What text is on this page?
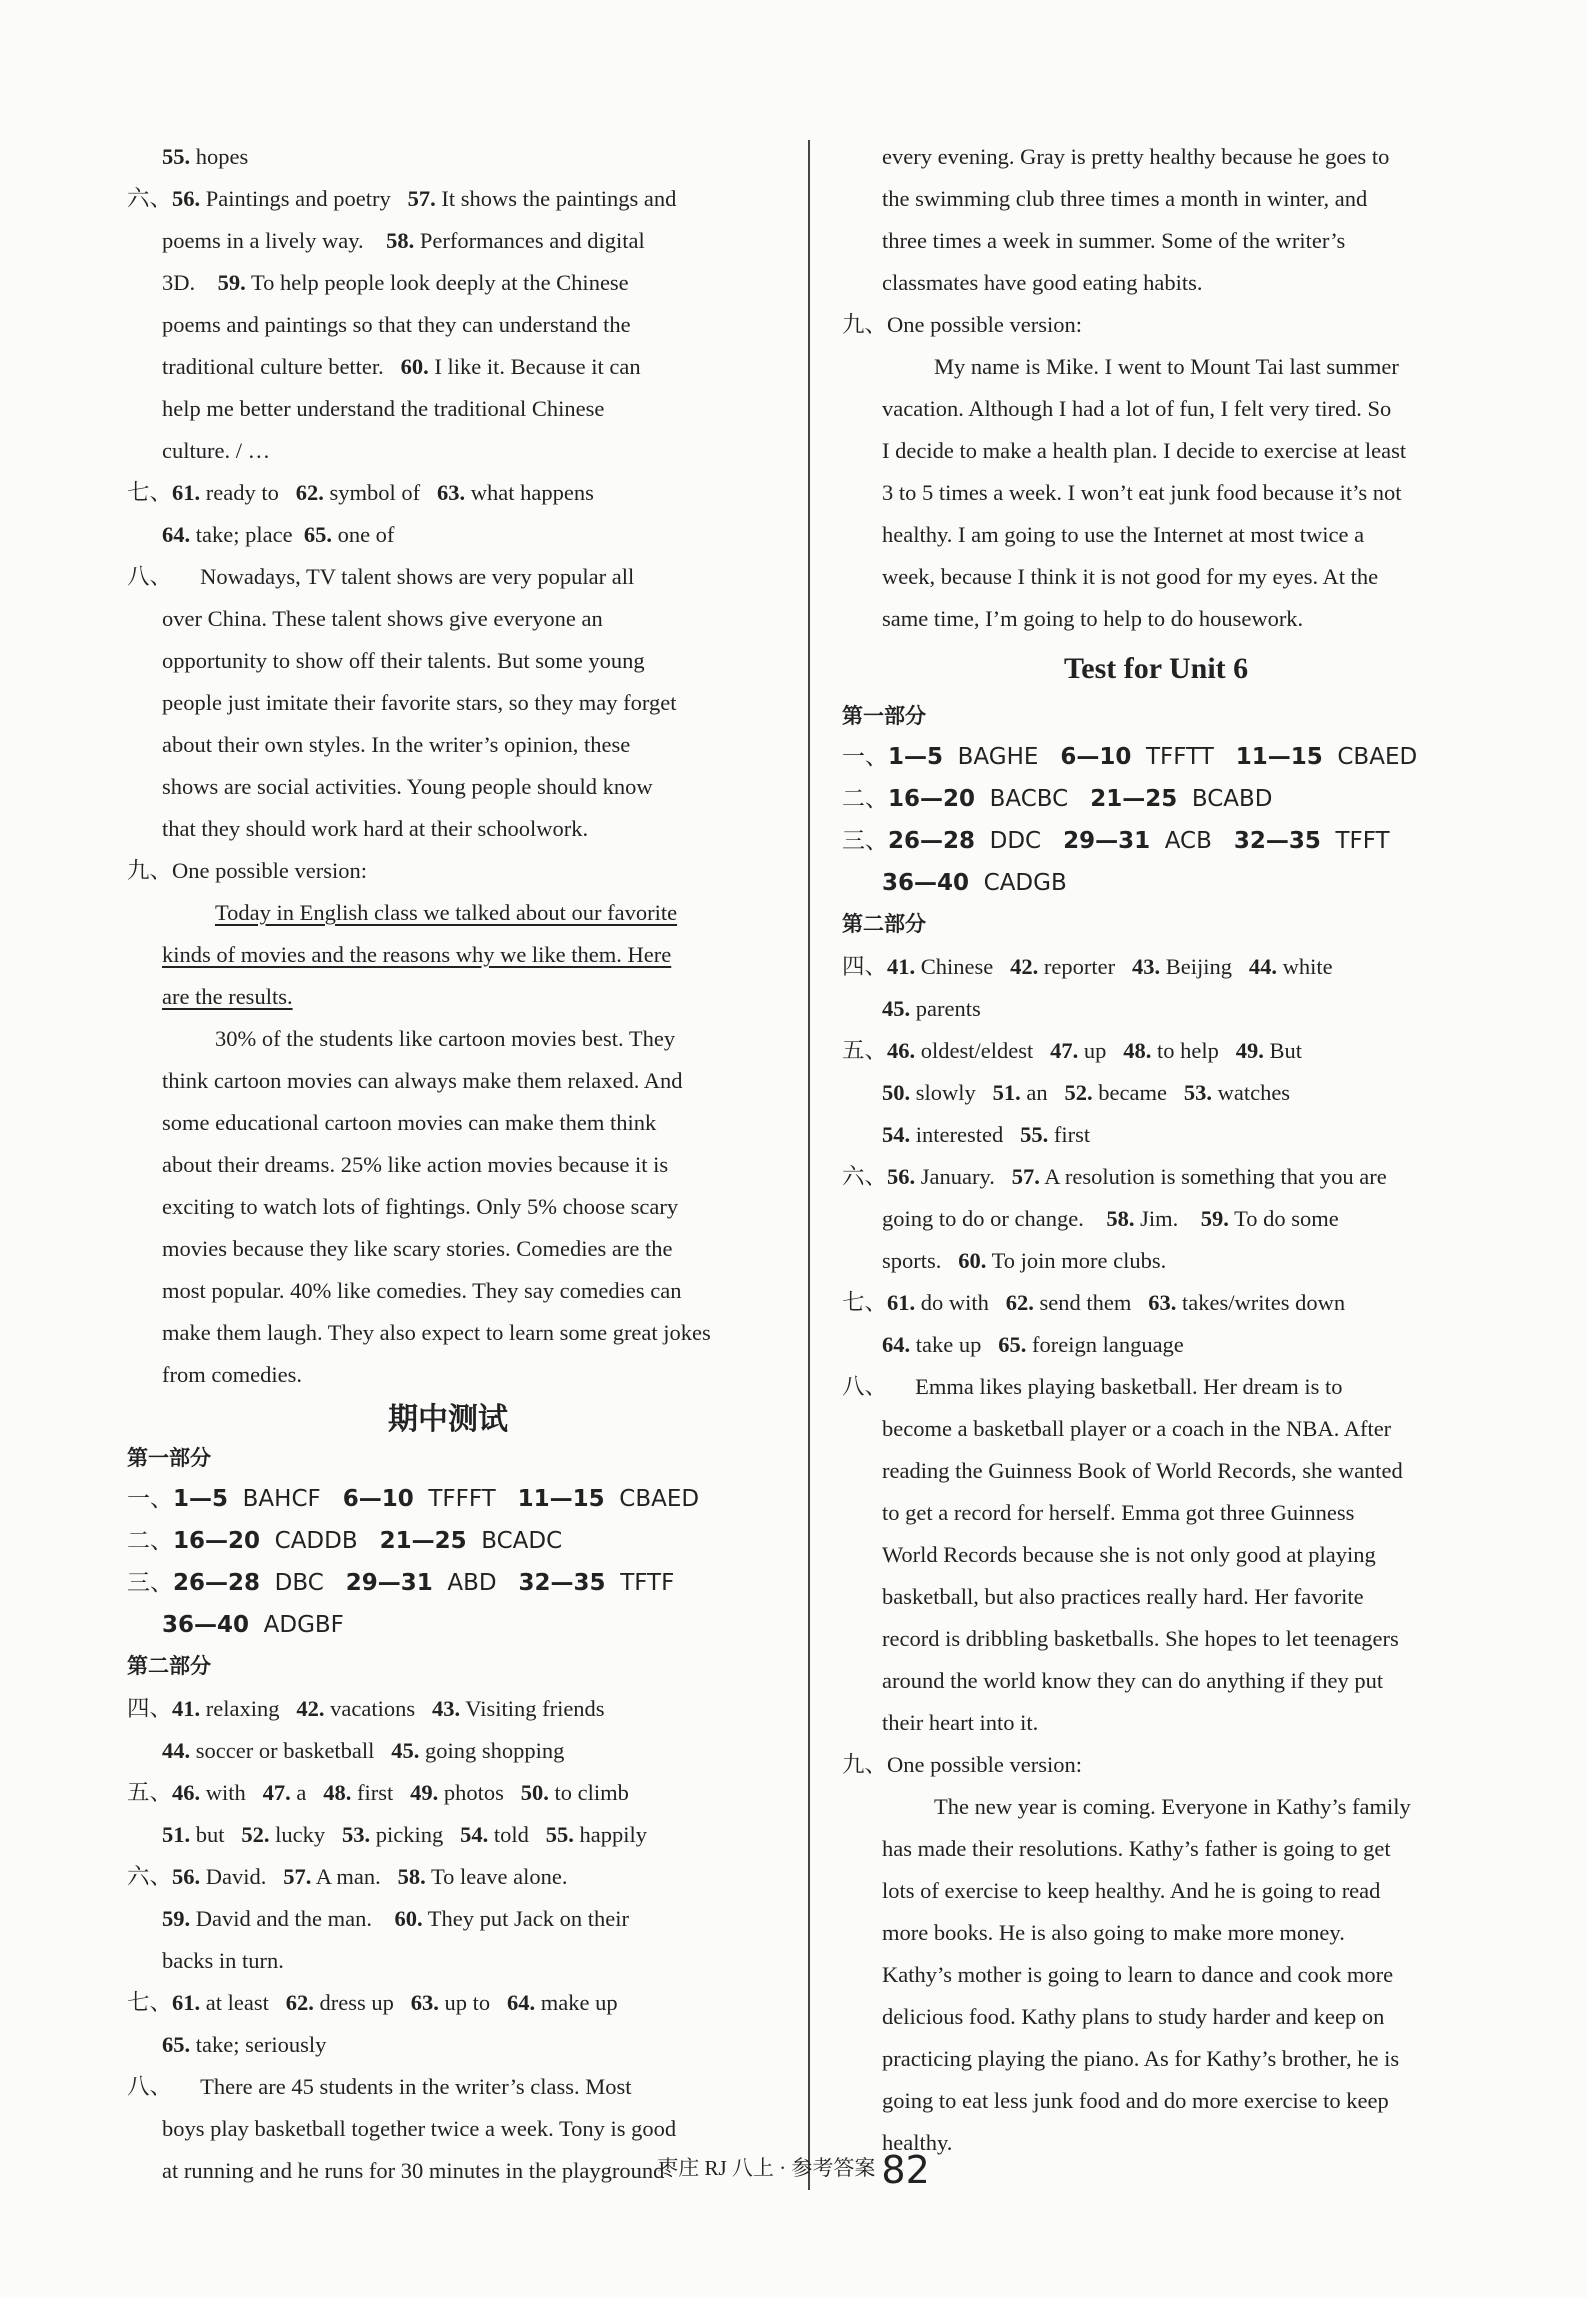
55. hopes
六、56. Paintings and poetry 57. It shows the paintings and
poems in a lively way. 58. Performances and digital
3D. 59. To help people look deeply at the Chinese
poems and paintings so that they can understand the
traditional culture better. 60. I like it. Because it can
help me better understand the traditional Chinese
culture. / …
七、61. ready to 62. symbol of 63. what happens
64. take; place 65. one of
八、 Nowadays, TV talent shows are very popular all
over China. These talent shows give everyone an
opportunity to show off their talents. But some young
people just imitate their favorite stars, so they may forget
about their own styles. In the writer’s opinion, these
shows are social activities. Young people should know
that they should work hard at their schoolwork.
九、One possible version:
Today in English class we talked about our favorite
kinds of movies and the reasons why we like them. Here
are the results.
30% of the students like cartoon movies best. They
think cartoon movies can always make them relaxed. And
some educational cartoon movies can make them think
about their dreams. 25% like action movies because it is
exciting to watch lots of fightings. Only 5% choose scary
movies because they like scary stories. Comedies are the
most popular. 40% like comedies. They say comedies can
make them laugh. They also expect to learn some great jokes
from comedies.
期中测试
第一部分
一、1—5 BAHCF 6—10 TFFFT 11—15 CBAED
二、16—20 CADDB 21—25 BCADC
三、26—28 DBC 29—31 ABD 32—35 TFTF
36—40 ADGBF
第二部分
四、41. relaxing 42. vacations 43. Visiting friends
44. soccer or basketball 45. going shopping
五、46. with 47. a 48. first 49. photos 50. to climb
51. but 52. lucky 53. picking 54. told 55. happily
六、56. David. 57. A man. 58. To leave alone.
59. David and the man. 60. They put Jack on their
backs in turn.
七、61. at least 62. dress up 63. up to 64. make up
65. take; seriously
八、 There are 45 students in the writer’s class. Most
boys play basketball together twice a week. Tony is good
at running and he runs for 30 minutes in the playground
every evening. Gray is pretty healthy because he goes to
the swimming club three times a month in winter, and
three times a week in summer. Some of the writer’s
classmates have good eating habits.
九、One possible version:
My name is Mike. I went to Mount Tai last summer
vacation. Although I had a lot of fun, I felt very tired. So
I decide to make a health plan. I decide to exercise at least
3 to 5 times a week. I won’t eat junk food because it’s not
healthy. I am going to use the Internet at most twice a
week, because I think it is not good for my eyes. At the
same time, I’m going to help to do housework.
Test for Unit 6
第一部分
一、1—5 BAGHE 6—10 TFFTT 11—15 CBAED
二、16—20 BACBC 21—25 BCABD
三、26—28 DDC 29—31 ACB 32—35 TFFT
36—40 CADGB
第二部分
四、41. Chinese 42. reporter 43. Beijing 44. white
45. parents
五、46. oldest/eldest 47. up 48. to help 49. But
50. slowly 51. an 52. became 53. watches
54. interested 55. first
六、56. January. 57. A resolution is something that you are
going to do or change. 58. Jim. 59. To do some
sports. 60. To join more clubs.
七、61. do with 62. send them 63. takes/writes down
64. take up 65. foreign language
八、 Emma likes playing basketball. Her dream is to
become a basketball player or a coach in the NBA. After
reading the Guinness Book of World Records, she wanted
to get a record for herself. Emma got three Guinness
World Records because she is not only good at playing
basketball, but also practices really hard. Her favorite
record is dribbling basketballs. She hopes to let teenagers
around the world know they can do anything if they put
their heart into it.
九、One possible version:
The new year is coming. Everyone in Kathy’s family
has made their resolutions. Kathy’s father is going to get
lots of exercise to keep healthy. And he is going to read
more books. He is also going to make more money.
Kathy’s mother is going to learn to dance and cook more
delicious food. Kathy plans to study harder and keep on
practicing playing the piano. As for Kathy’s brother, he is
going to eat less junk food and do more exercise to keep
healthy.
枣庄 RJ 八上 · 参考答案 82
